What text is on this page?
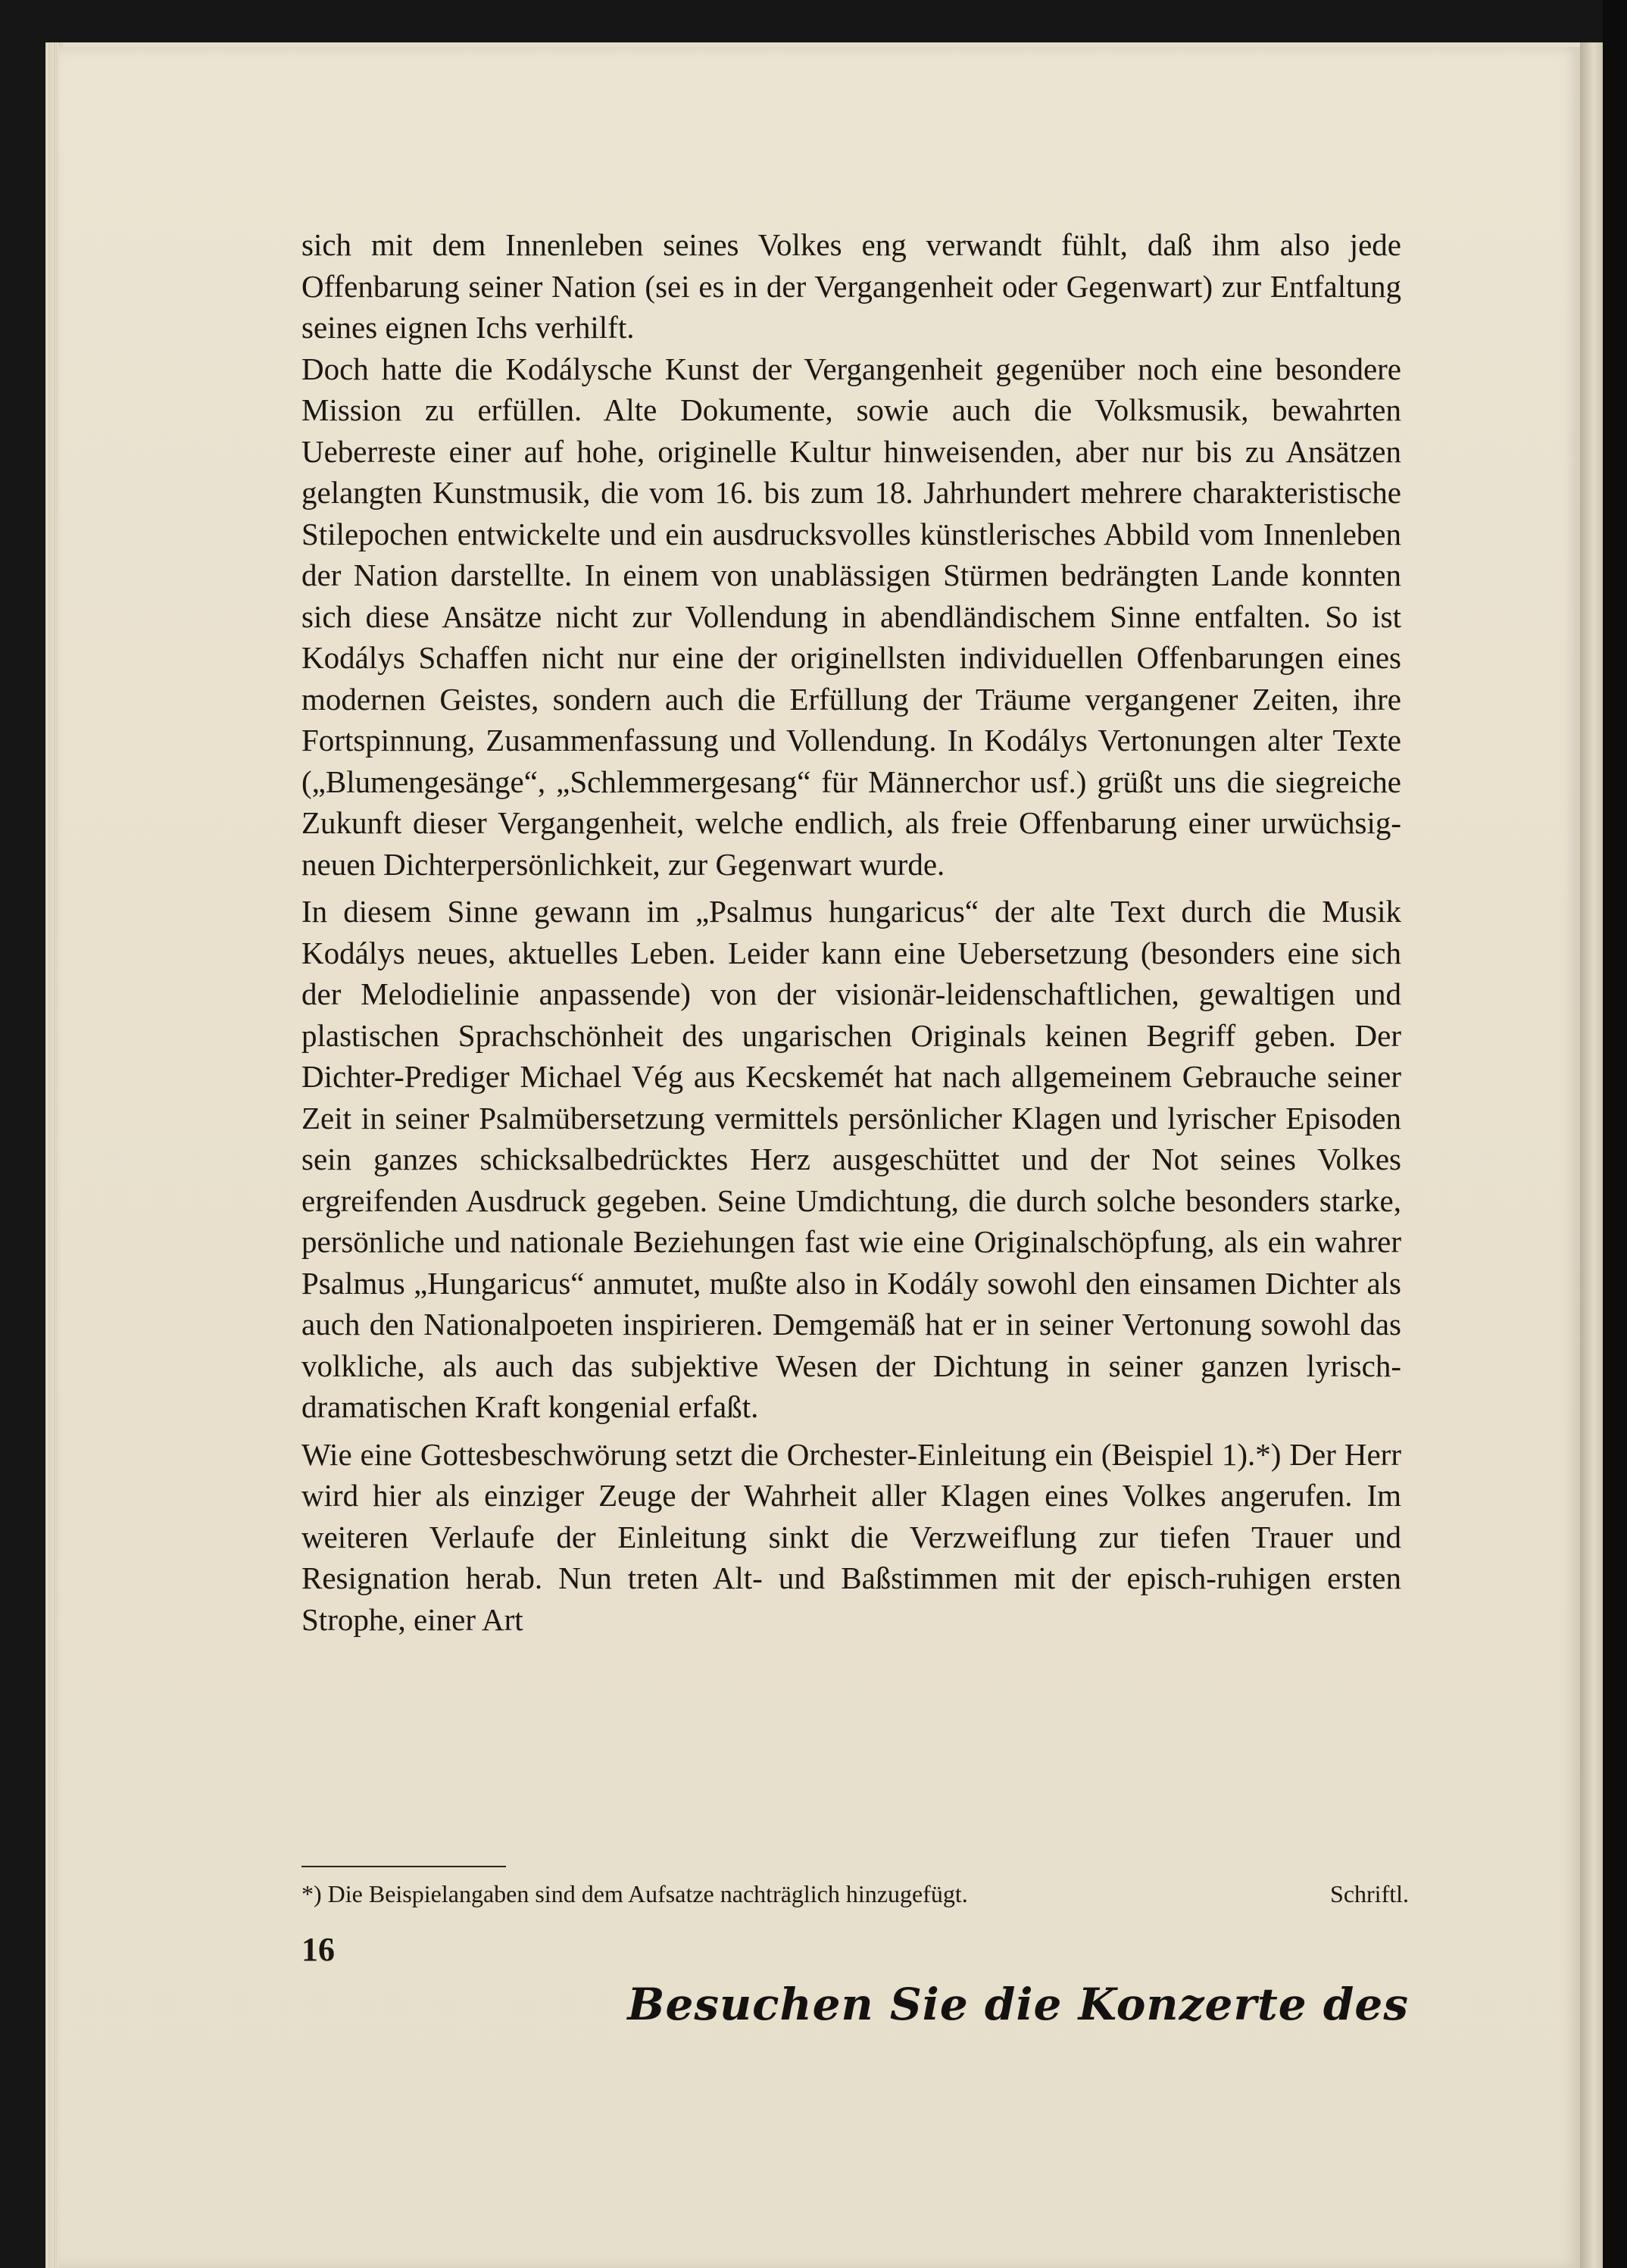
sich mit dem Innenleben seines Volkes eng verwandt fühlt, daß ihm also jede Offenbarung seiner Nation (sei es in der Vergangenheit oder Gegenwart) zur Entfaltung seines eignen Ichs verhilft.

Doch hatte die Kodálysche Kunst der Vergangenheit gegenüber noch eine besondere Mission zu erfüllen. Alte Dokumente, sowie auch die Volksmusik, bewahrten Ueberreste einer auf hohe, originelle Kultur hinweisenden, aber nur bis zu Ansätzen gelangten Kunstmusik, die vom 16. bis zum 18. Jahrhundert mehrere charakteristische Stilepochen entwickelte und ein ausdrucksvolles künstlerisches Abbild vom Innenleben der Nation darstellte. In einem von unablässigen Stürmen bedrängten Lande konnten sich diese Ansätze nicht zur Vollendung in abendländischem Sinne entfalten. So ist Kodálys Schaffen nicht nur eine der originellsten individuellen Offenbarungen eines modernen Geistes, sondern auch die Erfüllung der Träume vergangener Zeiten, ihre Fortspinnung, Zusammenfassung und Vollendung. In Kodálys Vertonungen alter Texte („Blumengesänge“, „Schlemmergesang“ für Männerchor usf.) grüßt uns die siegreiche Zukunft dieser Vergangenheit, welche endlich, als freie Offenbarung einer urwüchsig-neuen Dichterpersönlichkeit, zur Gegenwart wurde.

In diesem Sinne gewann im „Psalmus hungaricus“ der alte Text durch die Musik Kodálys neues, aktuelles Leben. Leider kann eine Uebersetzung (besonders eine sich der Melodielinie anpassende) von der visionär-leidenschaftlichen, gewaltigen und plastischen Sprachschönheit des ungarischen Originals keinen Begriff geben. Der Dichter-Prediger Michael Vég aus Kecskemét hat nach allgemeinem Gebrauche seiner Zeit in seiner Psalmübersetzung vermittels persönlicher Klagen und lyrischer Episoden sein ganzes schicksalbedrücktes Herz ausgeschüttet und der Not seines Volkes ergreifenden Ausdruck gegeben. Seine Umdichtung, die durch solche besonders starke, persönliche und nationale Beziehungen fast wie eine Originalschöpfung, als ein wahrer Psalmus „Hungaricus“ anmutet, mußte also in Kodály sowohl den einsamen Dichter als auch den Nationalpoeten inspirieren. Demgemäß hat er in seiner Vertonung sowohl das volkliche, als auch das subjektive Wesen der Dichtung in seiner ganzen lyrisch-dramatischen Kraft kongenial erfaßt.

Wie eine Gottesbeschwörung setzt die Orchester-Einleitung ein (Beispiel 1).*) Der Herr wird hier als einziger Zeuge der Wahrheit aller Klagen eines Volkes angerufen. Im weiteren Verlaufe der Einleitung sinkt die Verzweiflung zur tiefen Trauer und Resignation herab. Nun treten Alt- und Baßstimmen mit der episch-ruhigen ersten Strophe, einer Art

*) Die Beispielangaben sind dem Aufsatze nachträglich hinzugefügt.	Schriftl.
16
Besuchen Sie die Konzerte des
